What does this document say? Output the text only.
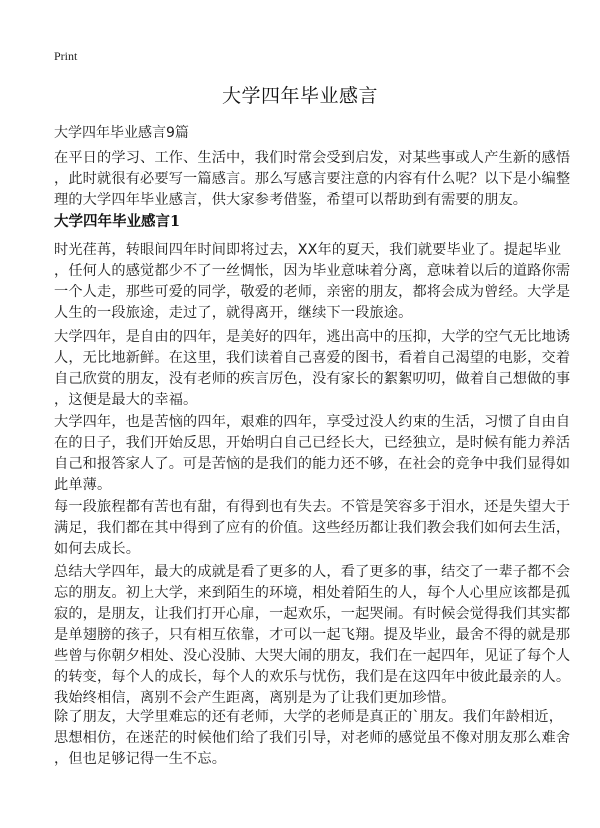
Print
大学四年毕业感言
大学四年毕业感言9篇
在平日的学习、工作、生活中，我们时常会受到启发，对某些事或人产生新的感悟
，此时就很有必要写一篇感言。那么写感言要注意的内容有什么呢？以下是小编整
理的大学四年毕业感言，供大家参考借鉴，希望可以帮助到有需要的朋友。
大学四年毕业感言1
时光荏苒，转眼间四年时间即将过去，XX年的夏天，我们就要毕业了。提起毕业
，任何人的感觉都少不了一丝惆怅，因为毕业意味着分离，意味着以后的道路你需
一个人走，那些可爱的同学，敬爱的老师，亲密的朋友，都将会成为曾经。大学是
人生的一段旅途，走过了，就得离开，继续下一段旅途。
大学四年，是自由的四年，是美好的四年，逃出高中的压抑，大学的空气无比地诱
人，无比地新鲜。在这里，我们读着自己喜爱的图书，看着自己渴望的电影，交着
自己欣赏的朋友，没有老师的疾言厉色，没有家长的絮絮叨叨，做着自己想做的事
，这便是最大的幸福。
大学四年，也是苦恼的四年，艰难的四年，享受过没人约束的生活，习惯了自由自
在的日子，我们开始反思，开始明白自己已经长大，已经独立，是时候有能力养活
自己和报答家人了。可是苦恼的是我们的能力还不够，在社会的竞争中我们显得如
此单薄。
每一段旅程都有苦也有甜，有得到也有失去。不管是笑容多于泪水，还是失望大于
满足，我们都在其中得到了应有的价值。这些经历都让我们教会我们如何去生活，
如何去成长。
总结大学四年，最大的成就是看了更多的人，看了更多的事，结交了一辈子都不会
忘的朋友。初上大学，来到陌生的环境，相处着陌生的人，每个人心里应该都是孤
寂的，是朋友，让我们打开心扉，一起欢乐，一起哭闹。有时候会觉得我们其实都
是单翅膀的孩子，只有相互依靠，才可以一起飞翔。提及毕业，最舍不得的就是那
些曾与你朝夕相处、没心没肺、大哭大闹的朋友，我们在一起四年，见证了每个人
的转变，每个人的成长，每个人的欢乐与忧伤，我们是在这四年中彼此最亲的人。
我始终相信，离别不会产生距离，离别是为了让我们更加珍惜。
除了朋友，大学里难忘的还有老师，大学的老师是真正的`朋友。我们年龄相近，
思想相仿，在迷茫的时候他们给了我们引导，对老师的感觉虽不像对朋友那么难舍
，但也足够记得一生不忘。
